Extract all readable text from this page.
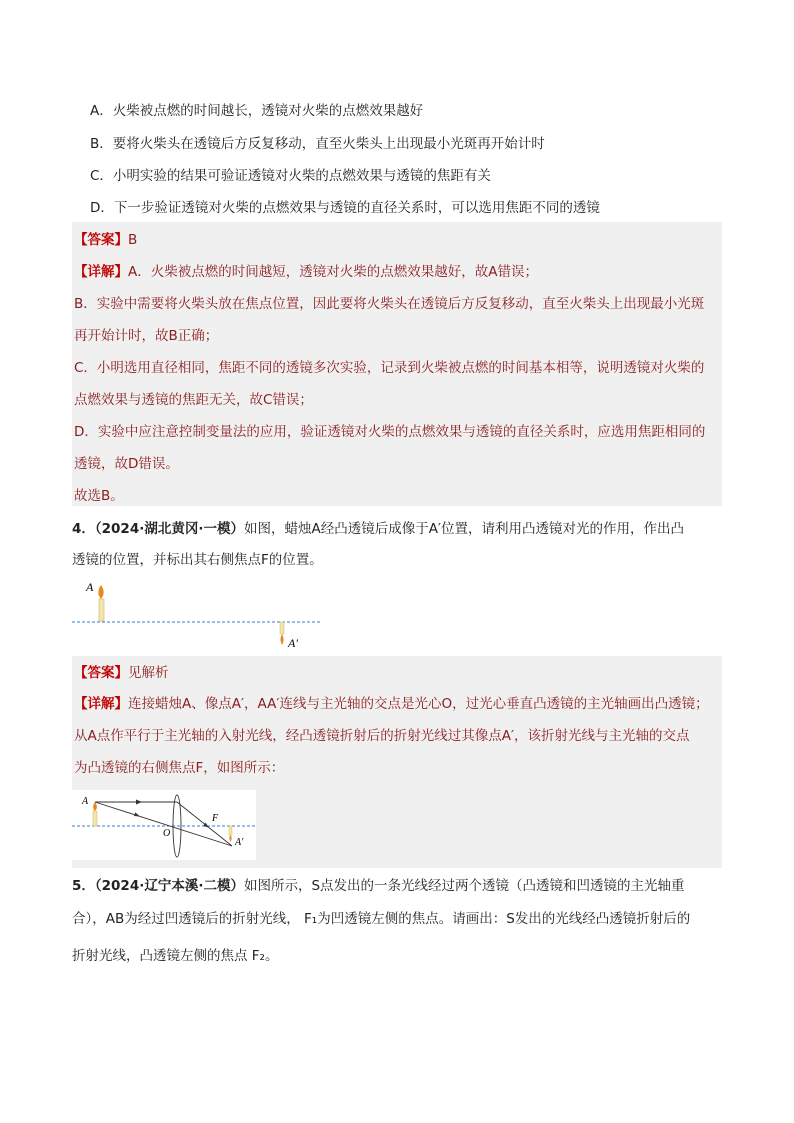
A．火柴被点燃的时间越长，透镜对火柴的点燃效果越好
B．要将火柴头在透镜后方反复移动，直至火柴头上出现最小光斑再开始计时
C．小明实验的结果可验证透镜对火柴的点燃效果与透镜的焦距有关
D．下一步验证透镜对火柴的点燃效果与透镜的直径关系时，可以选用焦距不同的透镜
【答案】B
【详解】A．火柴被点燃的时间越短，透镜对火柴的点燃效果越好，故A错误；
B．实验中需要将火柴头放在焦点位置，因此要将火柴头在透镜后方反复移动，直至火柴头上出现最小光斑
再开始计时，故B正确；
C．小明选用直径相同，焦距不同的透镜多次实验，记录到火柴被点燃的时间基本相等，说明透镜对火柴的
点燃效果与透镜的焦距无关，故C错误；
D．实验中应注意控制变量法的应用，验证透镜对火柴的点燃效果与透镜的直径关系时，应选用焦距相同的
透镜，故D错误。
故选B。
4．（2024·湖北黄冈·一模）如图，蜡烛A经凸透镜后成像于A′位置，请利用凸透镜对光的作用，作出凸
透镜的位置，并标出其右侧焦点F的位置。
A
A′
【答案】见解析
【详解】连接蜡烛A、像点A′，AA′连线与主光轴的交点是光心O，过光心垂直凸透镜的主光轴画出凸透镜；
从A点作平行于主光轴的入射光线，经凸透镜折射后的折射光线过其像点A′，该折射光线与主光轴的交点
为凸透镜的右侧焦点F，如图所示：
A
O
F
A′
5．（2024·辽宁本溪·二模）如图所示，S点发出的一条光线经过两个透镜（凸透镜和凹透镜的主光轴重
合），AB为经过凹透镜后的折射光线， F₁为凹透镜左侧的焦点。请画出：S发出的光线经凸透镜折射后的
折射光线，凸透镜左侧的焦点 F₂。
